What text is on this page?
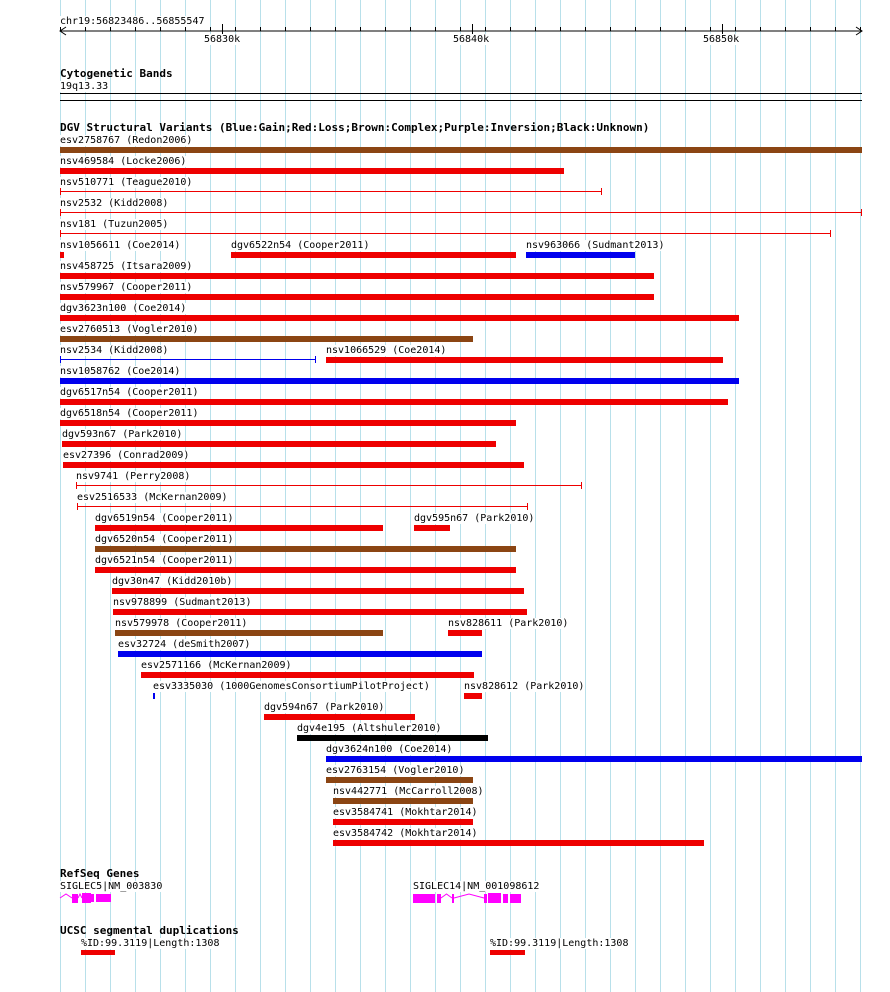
chr19:56823486..56855547
56830k	56840k	56850k
Cytogenetic Bands
19q13.33
DGV Structural Variants (Blue:Gain;Red:Loss;Brown:Complex;Purple:Inversion;Black:Unknown)
esv2758767 (Redon2006)
nsv469584 (Locke2006)
nsv510771 (Teague2010)
nsv2532 (Kidd2008)
nsv181 (Tuzun2005)
nsv1056611 (Coe2014)	dgv6522n54 (Cooper2011)	nsv963066 (Sudmant2013)
nsv458725 (Itsara2009)
nsv579967 (Cooper2011)
dgv3623n100 (Coe2014)
esv2760513 (Vogler2010)
nsv2534 (Kidd2008)	nsv1066529 (Coe2014)
nsv1058762 (Coe2014)
dgv6517n54 (Cooper2011)
dgv6518n54 (Cooper2011)
dgv593n67 (Park2010)
esv27396 (Conrad2009)
nsv9741 (Perry2008)
esv2516533 (McKernan2009)
dgv6519n54 (Cooper2011)	dgv595n67 (Park2010)
dgv6520n54 (Cooper2011)
dgv6521n54 (Cooper2011)
dgv30n47 (Kidd2010b)
nsv978899 (Sudmant2013)
nsv579978 (Cooper2011)	nsv828611 (Park2010)
esv32724 (deSmith2007)
esv2571166 (McKernan2009)
esv3335030 (1000GenomesConsortiumPilotProject)	nsv828612 (Park2010)
dgv594n67 (Park2010)
dgv4e195 (Altshuler2010)
dgv3624n100 (Coe2014)
esv2763154 (Vogler2010)
nsv442771 (McCarroll2008)
esv3584741 (Mokhtar2014)
esv3584742 (Mokhtar2014)
RefSeq Genes
SIGLEC5|NM_003830	SIGLEC14|NM_001098612
UCSC segmental duplications
%ID:99.3119|Length:1308	%ID:99.3119|Length:1308
